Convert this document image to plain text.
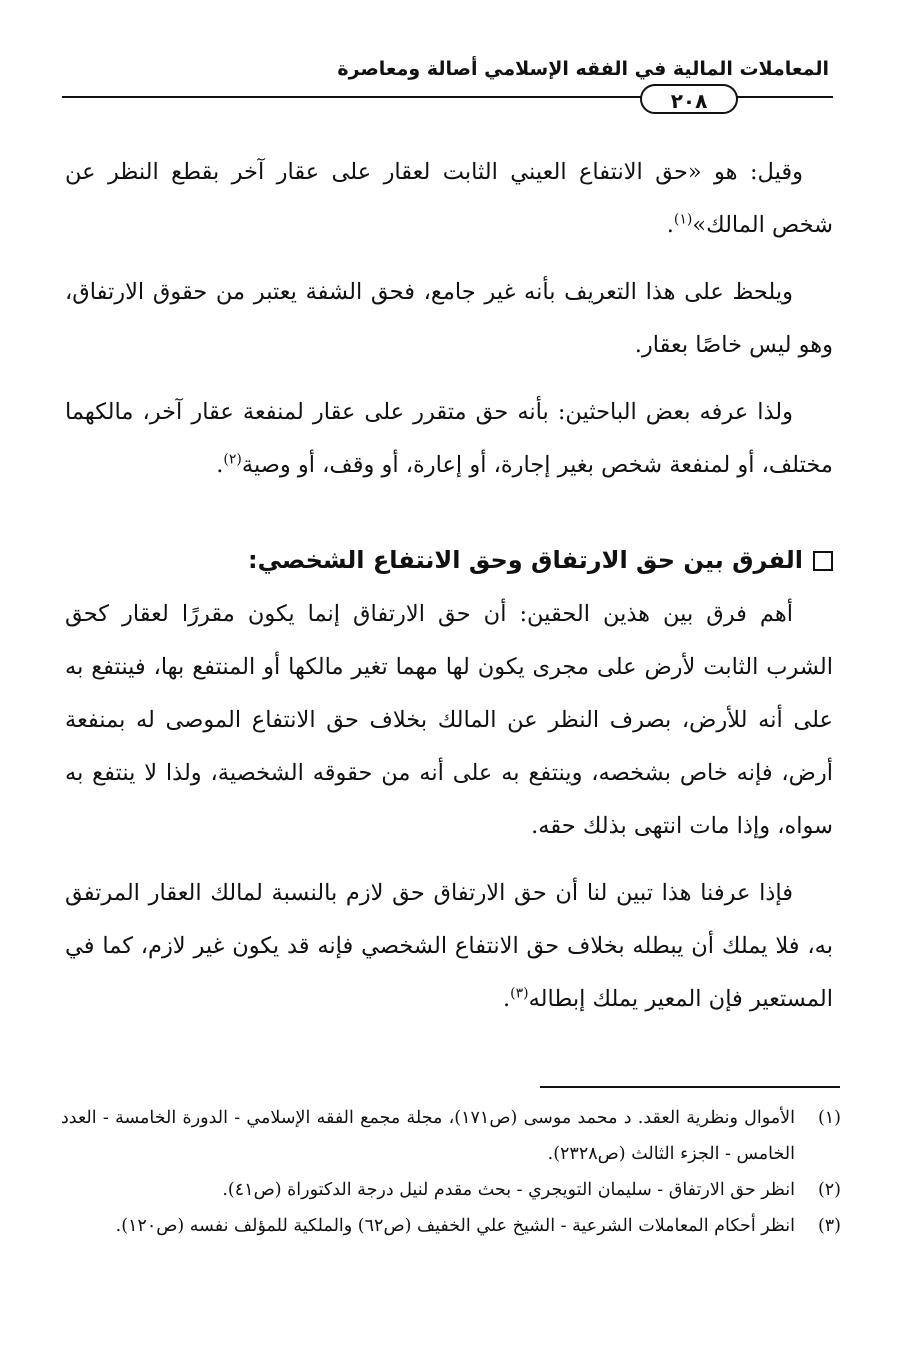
المعاملات المالية في الفقه الإسلامي أصالة ومعاصرة
٢٠٨

وقيل: هو «حق الانتفاع العيني الثابت لعقار على عقار آخر بقطع النظر عن شخص المالك»$^{(١)}$.

ويلحظ على هذا التعريف بأنه غير جامع، فحق الشفة يعتبر من حقوق الارتفاق، وهو ليس خاصًا بعقار.

ولذا عرفه بعض الباحثين: بأنه حق متقرر على عقار لمنفعة عقار آخر، مالكهما مختلف، أو لمنفعة شخص بغير إجارة، أو إعارة، أو وقف، أو وصية$^{(٢)}$.

الفرق بين حق الارتفاق وحق الانتفاع الشخصي:

أهم فرق بين هذين الحقين: أن حق الارتفاق إنما يكون مقررًا لعقار كحق الشرب الثابت لأرض على مجرى يكون لها مهما تغير مالكها أو المنتفع بها، فينتفع به على أنه للأرض، بصرف النظر عن المالك بخلاف حق الانتفاع الموصى له بمنفعة أرض، فإنه خاص بشخصه، وينتفع به على أنه من حقوقه الشخصية، ولذا لا ينتفع به سواه، وإذا مات انتهى بذلك حقه.

فإذا عرفنا هذا تبين لنا أن حق الارتفاق حق لازم بالنسبة لمالك العقار المرتفق به، فلا يملك أن يبطله بخلاف حق الانتفاع الشخصي فإنه قد يكون غير لازم، كما في المستعير فإن المعير يملك إبطاله$^{(٣)}$.

(١)
الأموال ونظرية العقد. د محمد موسى (ص١٧١)، مجلة مجمع الفقه الإسلامي - الدورة الخامسة - العدد الخامس - الجزء الثالث (ص٢٣٢٨).
(٢)
انظر حق الارتفاق - سليمان التويجري - بحث مقدم لنيل درجة الدكتوراة (ص٤١).
(٣)
انظر أحكام المعاملات الشرعية - الشيخ علي الخفيف (ص٦٢) والملكية للمؤلف نفسه (ص١٢٠).
